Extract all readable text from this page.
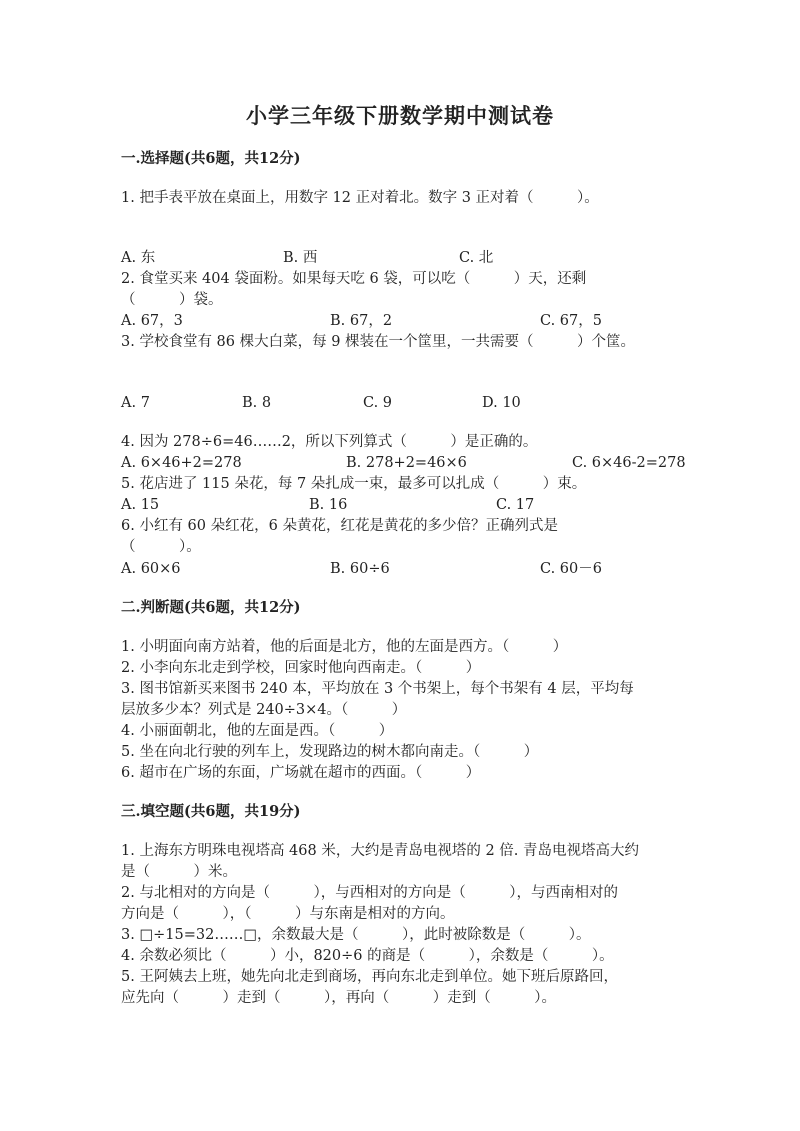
小学三年级下册数学期中测试卷
一.选择题(共6题，共12分)
1. 把手表平放在桌面上，用数字 12 正对着北。数字 3 正对着（　　　）。
A. 东	B. 西	C. 北
2. 食堂买来 404 袋面粉。如果每天吃 6 袋，可以吃（　　　）天，还剩
（　　　）袋。
A. 67，3	B. 67，2	C. 67，5
3. 学校食堂有 86 棵大白菜，每 9 棵装在一个筐里，一共需要（　　　）个筐。
A. 7	B. 8	C. 9	D. 10
4. 因为 278÷6=46……2，所以下列算式（　　　）是正确的。
A. 6×46+2=278	B. 278+2=46×6	C. 6×46-2=278
5. 花店进了 115 朵花，每 7 朵扎成一束，最多可以扎成（　　　）束。
A. 15	B. 16	C. 17
6. 小红有 60 朵红花，6 朵黄花，红花是黄花的多少倍？正确列式是
（　　　）。
A. 60×6	B. 60÷6	C. 60－6
二.判断题(共6题，共12分)
1. 小明面向南方站着，他的后面是北方，他的左面是西方。（　　　）
2. 小李向东北走到学校，回家时他向西南走。（　　　）
3. 图书馆新买来图书 240 本，平均放在 3 个书架上，每个书架有 4 层，平均每
层放多少本？列式是 240÷3×4。（　　　）
4. 小丽面朝北，他的左面是西。（　　　）
5. 坐在向北行驶的列车上，发现路边的树木都向南走。（　　　）
6. 超市在广场的东面，广场就在超市的西面。（　　　）
三.填空题(共6题，共19分)
1. 上海东方明珠电视塔高 468 米，大约是青岛电视塔的 2 倍. 青岛电视塔高大约
是（　　　）米。
2. 与北相对的方向是（　　　），与西相对的方向是（　　　），与西南相对的
方向是（　　　），（　　　）与东南是相对的方向。
3. □÷15=32……□，余数最大是（　　　），此时被除数是（　　　）。
4. 余数必须比（　　　）小，820÷6 的商是（　　　），余数是（　　　）。
5. 王阿姨去上班，她先向北走到商场，再向东北走到单位。她下班后原路回，
应先向（　　　）走到（　　　），再向（　　　）走到（　　　）。
